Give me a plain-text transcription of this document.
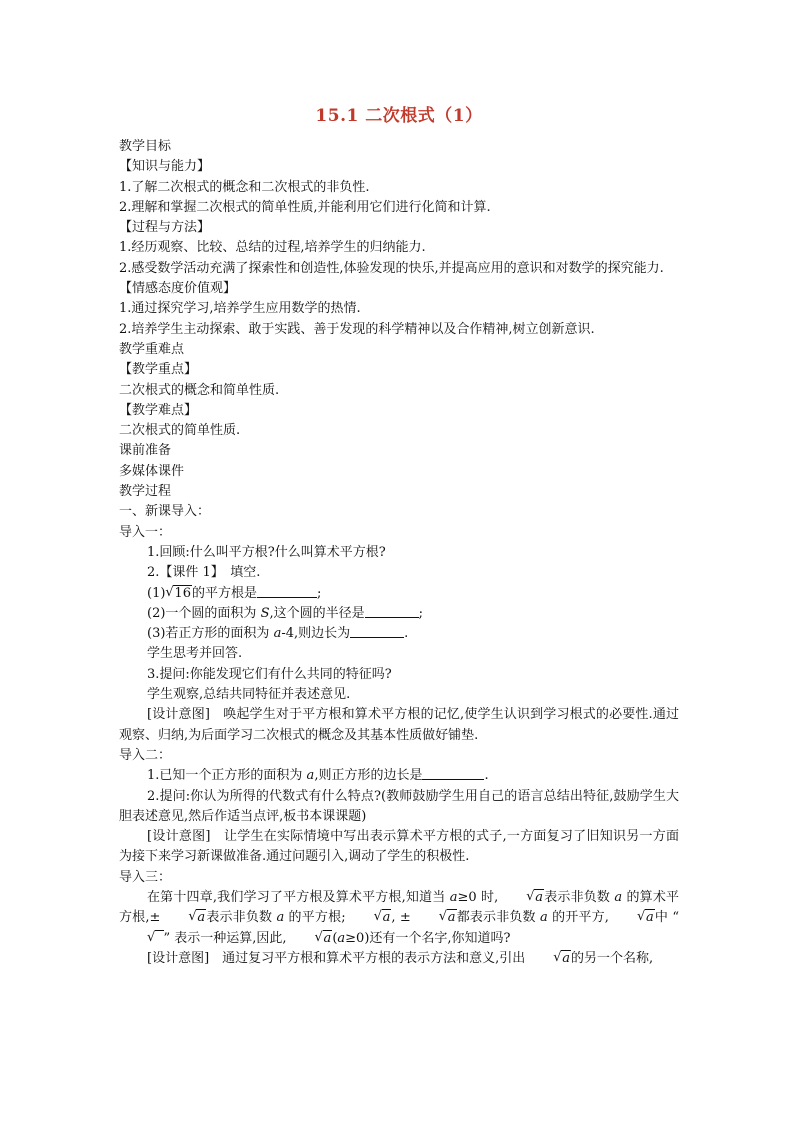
15.1 二次根式（1）
教学目标
【知识与能力】
1.了解二次根式的概念和二次根式的非负性.
2.理解和掌握二次根式的简单性质,并能利用它们进行化简和计算.
【过程与方法】
1.经历观察、比较、总结的过程,培养学生的归纳能力.
2.感受数学活动充满了探索性和创造性,体验发现的快乐,并提高应用的意识和对数学的探究能力.
【情感态度价值观】
1.通过探究学习,培养学生应用数学的热情.
2.培养学生主动探索、敢于实践、善于发现的科学精神以及合作精神,树立创新意识.
教学重难点
【教学重点】
二次根式的概念和简单性质.
【教学难点】
二次根式的简单性质.
课前准备
多媒体课件
教学过程
一、新课导入：
导入一：
1.回顾:什么叫平方根?什么叫算术平方根?
2.【课件 1】　填空.
(1) √ 16的平方根是	;
(2)一个圆的面积为 S,这个圆的半径是	;
(3)若正方形的面积为 a-4,则边长为	.
学生思考并回答.
3.提问:你能发现它们有什么共同的特征吗?
学生观察,总结共同特征并表述意见.
[设计意图]　唤起学生对于平方根和算术平方根的记忆,使学生认识到学习根式的必要性.通过观察、归纳,为后面学习二次根式的概念及其基本性质做好铺垫.
导入二：
1.已知一个正方形的面积为 a,则正方形的边长是	.
2.提问:你认为所得的代数式有什么特点?(教师鼓励学生用自己的语言总结出特征,鼓励学生大胆表述意见,然后作适当点评,板书本课课题)
[设计意图]　让学生在实际情境中写出表示算术平方根的式子,一方面复习了旧知识另一方面为接下来学习新课做准备.通过问题引入,调动了学生的积极性.
导入三：
在第十四章,我们学习了平方根及算术平方根,知道当 a≥0 时,	√ a表示非负数 a 的算术平方根,±	√ a表示非负数 a 的平方根;	√ a, ±	√ a都表示非负数 a 的开平方,	√ a中 “√  ” 表示一种运算,因此,	√ a(a≥0)还有一个名字,你知道吗?
[设计意图]　通过复习平方根和算术平方根的表示方法和意义,引出	√ a的另一个名称,
